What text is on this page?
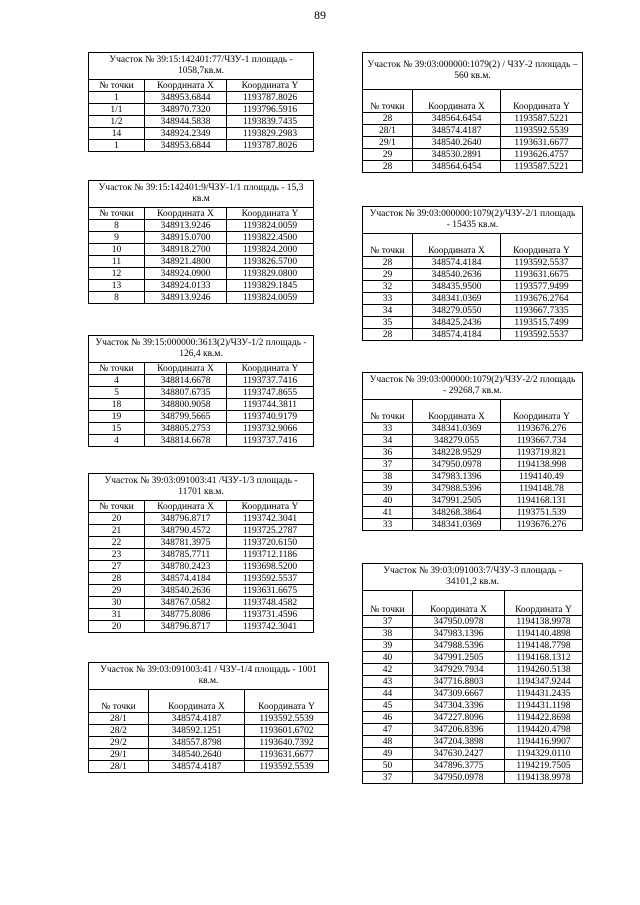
89
Участок № 39:15:142401:77/ЧЗУ-1 площадь - 1058,7кв.м.		
№ точки	Координата X	Координата Y
1	348953.6844	1193787.8026
1/1	348970.7320	1193796.5916
1/2	348944.5838	1193839.7435
14	348924.2349	1193829.2983
1	348953.6844	1193787.8026
Участок № 39:15:142401:9/ЧЗУ-1/1 площадь - 15,3 кв.м		
№ точки	Координата X	Координата Y
8	348913.9246	1193824.0059
9	348915.0700	1193822.4500
10	348918.2700	1193824.2000
11	348921.4800	1193826.5700
12	348924.0900	1193829.0800
13	348924.0133	1193829.1845
8	348913.9246	1193824.0059
Участок № 39:15:000000:3613(2)/ЧЗУ-1/2 площадь - 126,4 кв.м.		
№ точки	Координата X	Координата Y
4	348814.6678	1193737.7416
5	348807.6735	1193747.8655
18	348800.9058	1193744.3811
19	348799.5665	1193740.9179
15	348805.2753	1193732.9066
4	348814.6678	1193737.7416
Участок № 39:03:091003:41 /ЧЗУ-1/3 площадь - 11701 кв.м.		
№ точки	Координата X	Координата Y
20	348796.8717	1193742.3041
21	348790.4572	1193725.2787
22	348781.3975	1193720.6150
23	348785.7711	1193712.1186
27	348780.2423	1193698.5200
28	348574.4184	1193592.5537
29	348540.2636	1193631.6675
30	348767.0582	1193748.4582
31	348775.8086	1193731.4596
20	348796.8717	1193742.3041
Участок № 39:03:091003:41 / ЧЗУ-1/4 площадь - 1001 кв.м.		
№ точки	Координата X	Координата Y
28/1	348574.4187	1193592.5539
28/2	348592.1251	1193601.6702
29/2	348557.8798	1193640.7392
29/1	348540.2640	1193631.6677
28/1	348574.4187	1193592.5539
Участок № 39:03:000000:1079(2) / ЧЗУ-2 площадь – 560 кв.м.		
№ точки	Координата X	Координата Y
28	348564.6454	1193587.5221
28/1	348574.4187	1193592.5539
29/1	348540.2640	1193631.6677
29	348530.2891	1193626.4757
28	348564.6454	1193587.5221
Участок № 39:03:000000:1079(2)/ЧЗУ-2/1 площадь - 15435 кв.м.		
№ точки	Координата X	Координата Y
28	348574.4184	1193592.5537
29	348540.2636	1193631.6675
32	348435.9500	1193577.9499
33	348341.0369	1193676.2764
34	348279.0550	1193667.7335
35	348425.2436	1193515.7499
28	348574.4184	1193592.5537
Участок № 39:03:000000:1079(2)/ЧЗУ-2/2 площадь - 29268,7 кв.м.		
№ точки	Координата X	Координата Y
33	348341.0369	1193676.276
34	348279.055	1193667.734
36	348228.9529	1193719.821
37	347950.0978	1194138.998
38	347983.1396	1194140.49
39	347988.5396	1194148.78
40	347991.2505	1194168.131
41	348268.3864	1193751.539
33	348341.0369	1193676.276
Участок № 39:03:091003:7/ЧЗУ-3 площадь - 34101,2 кв.м.		
№ точки	Координата X	Координата Y
37	347950.0978	1194138.9978
38	347983.1396	1194140.4898
39	347988.5396	1194148.7798
40	347991.2505	1194168.1312
42	347929.7934	1194260.5138
43	347716.8803	1194347.9244
44	347309.6667	1194431.2435
45	347304.3396	1194431.1198
46	347227.8096	1194422.8698
47	347206.8396	1194420.4798
48	347204.3898	1194416.9907
49	347630.2427	1194329.0110
50	347896.3775	1194219.7505
37	347950.0978	1194138.9978
